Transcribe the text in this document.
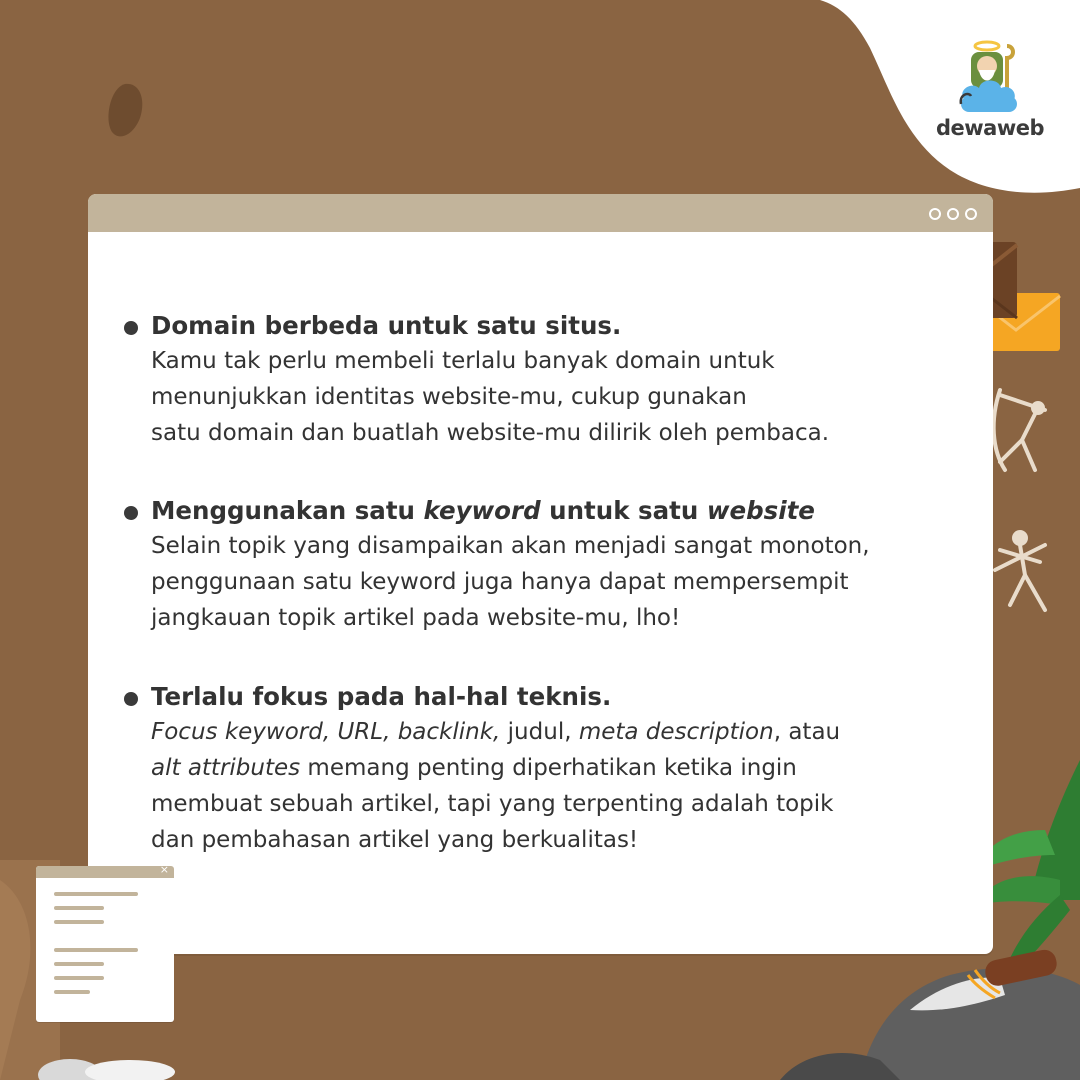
dewaweb
Domain berbeda untuk satu situs.
Kamu tak perlu membeli terlalu banyak domain untuk
menunjukkan identitas website-mu, cukup gunakan
satu domain dan buatlah website-mu dilirik oleh pembaca.
Menggunakan satu keyword untuk satu website
Selain topik yang disampaikan akan menjadi sangat monoton,
penggunaan satu keyword juga hanya dapat mempersempit
jangkauan topik artikel pada website-mu, lho!
Terlalu fokus pada hal-hal teknis.
Focus keyword, URL, backlink, judul, meta description, atau
alt attributes memang penting diperhatikan ketika ingin
membuat sebuah artikel, tapi yang terpenting adalah topik
dan pembahasan artikel yang berkualitas!
×
